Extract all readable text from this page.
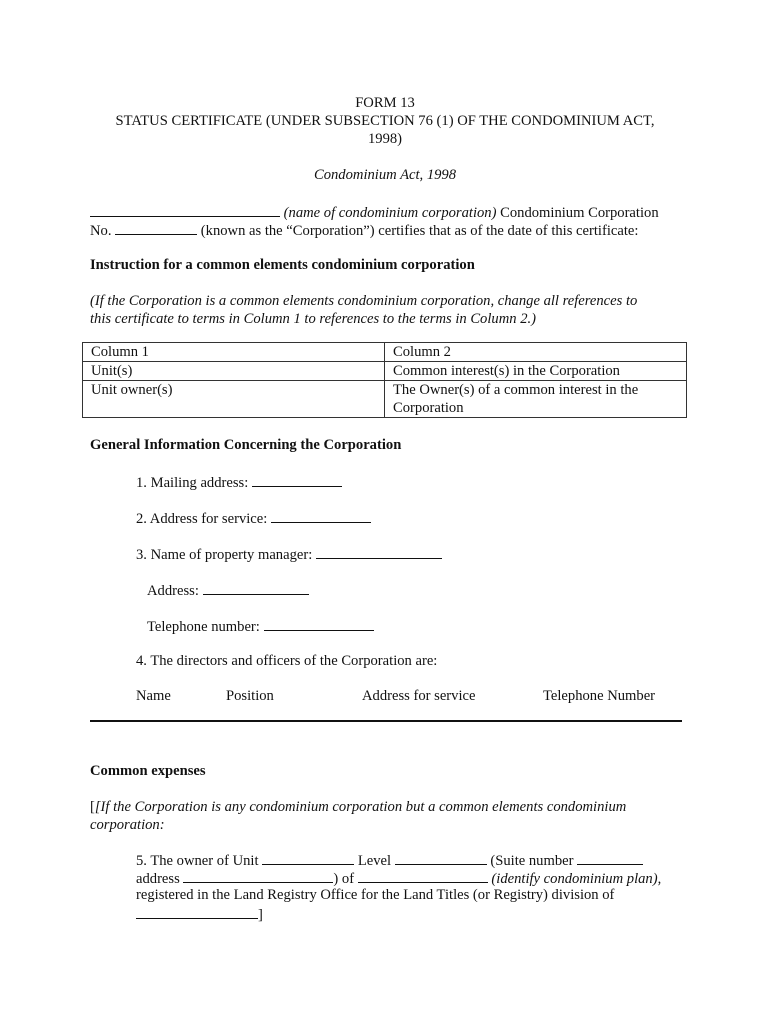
FORM 13
STATUS CERTIFICATE (UNDER SUBSECTION 76 (1) OF THE CONDOMINIUM ACT,
1998)
Condominium Act, 1998
(name of condominium corporation) Condominium Corporation
No.	(known as the “Corporation”) certifies that as of the date of this certificate:
Instruction for a common elements condominium corporation
(If the Corporation is a common elements condominium corporation, change all references to
this certificate to terms in Column 1 to references to the terms in Column 2.)
Column 1	Column 2
Unit(s)	Common interest(s) in the Corporation
Unit owner(s)	The Owner(s) of a common interest in the Corporation
General Information Concerning the Corporation
1. Mailing address:
2. Address for service:
3. Name of property manager:
Address:
Telephone number:
4. The directors and officers of the Corporation are:
Name	Position	Address for service	Telephone Number
Common expenses
[[If the Corporation is any condominium corporation but a common elements condominium
corporation:
5. The owner of Unit	Level	(Suite number
address	) of	(identify condominium plan),
registered in the Land Registry Office for the Land Titles (or Registry) division of
]
